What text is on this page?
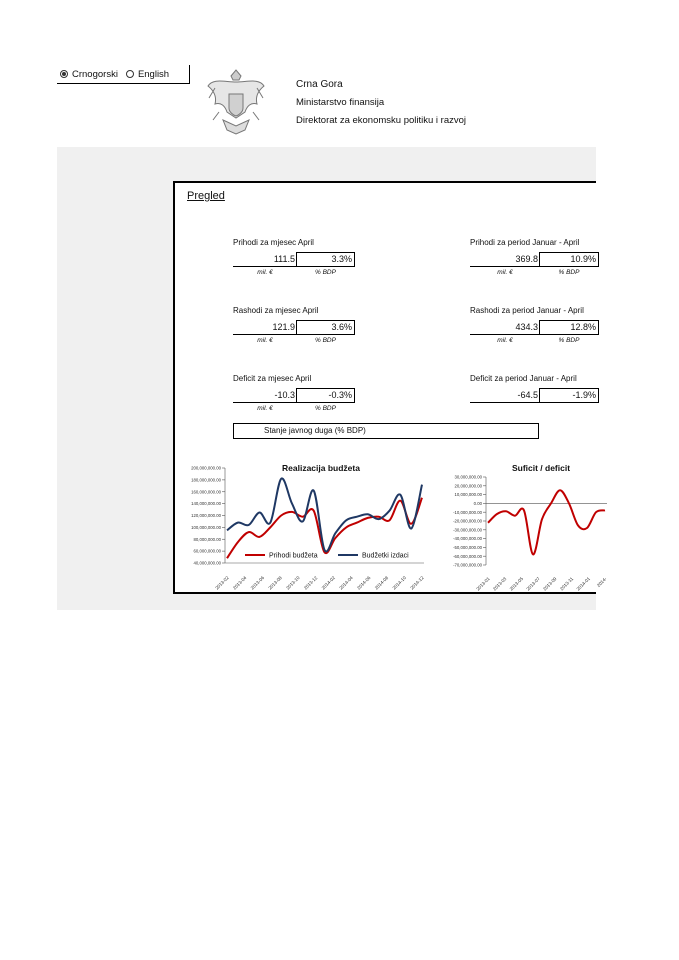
Crnogorski English
Crna Gora
Ministarstvo finansija
Direktorat za ekonomsku politiku i razvoj
Pregled
Prihodi za mjesec April
111.5	3.3%
mil. €	% BDP
Rashodi za mjesec April
121.9	3.6%
mil. €	% BDP
Deficit za mjesec April
-10.3	-0.3%
mil. €	% BDP
Prihodi za period Januar - April
369.8	10.9%
mil. €	% BDP
Rashodi za period Januar - April
434.3	12.8%
mil. €	% BDP
Deficit za period Januar - April
-64.5	-1.9%
Stanje javnog duga (% BDP)
Realizacija budžeta
200,000,000.00
180,000,000.00
160,000,000.00
140,000,000.00
120,000,000.00
100,000,000.00
80,000,000.00
60,000,000.00
40,000,000.00
2013-02 2013-04 2013-06 2013-08 2013-10 2013-12 2014-02 2014-04 2014-06 2014-08 2014-10 2014-12
Prihodi budžeta	Budžetki izdaci
Suficit / deficit
30,000,000.00
20,000,000.00
10,000,000.00
0.00
-10,000,000.00
-20,000,000.00
-30,000,000.00
-40,000,000.00
-50,000,000.00
-60,000,000.00
-70,000,000.00
2013-01 2013-03 2013-05 2013-07 2013-09 2013-11 2014-01 2014-
